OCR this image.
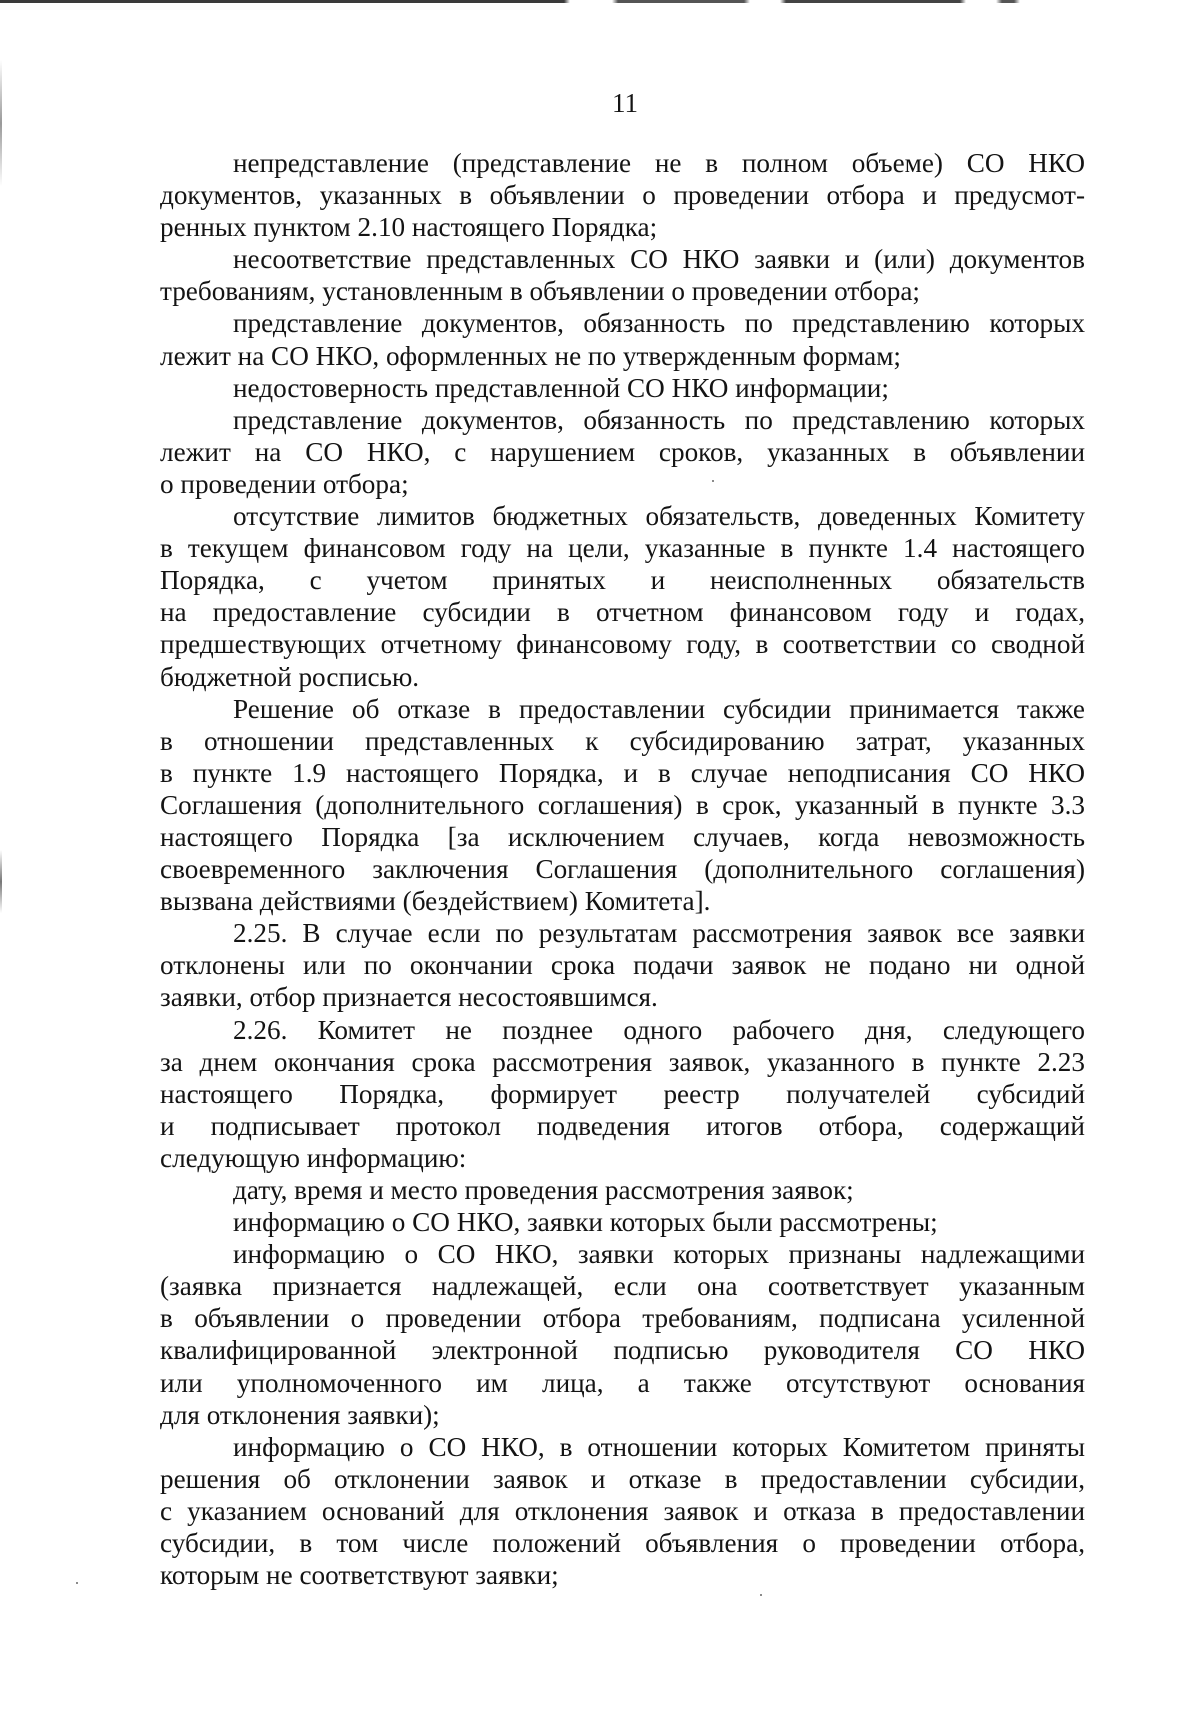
11
непредставление (представление не в полном объеме) СО НКО
документов, указанных в объявлении о проведении отбора и предусмот-
ренных пунктом 2.10 настоящего Порядка;
несоответствие представленных СО НКО заявки и (или) документов
требованиям, установленным в объявлении о проведении отбора;
представление документов, обязанность по представлению которых
лежит на СО НКО, оформленных не по утвержденным формам;
недостоверность представленной СО НКО информации;
представление документов, обязанность по представлению которых
лежит на СО НКО, с нарушением сроков, указанных в объявлении
о проведении отбора;
отсутствие лимитов бюджетных обязательств, доведенных Комитету
в текущем финансовом году на цели, указанные в пункте 1.4 настоящего
Порядка, с учетом принятых и неисполненных обязательств
на предоставление субсидии в отчетном финансовом году и годах,
предшествующих отчетному финансовому году, в соответствии со сводной
бюджетной росписью.
Решение об отказе в предоставлении субсидии принимается также
в отношении представленных к субсидированию затрат, указанных
в пункте 1.9 настоящего Порядка, и в случае неподписания СО НКО
Соглашения (дополнительного соглашения) в срок, указанный в пункте 3.3
настоящего Порядка [за исключением случаев, когда невозможность
своевременного заключения Соглашения (дополнительного соглашения)
вызвана действиями (бездействием) Комитета].
2.25. В случае если по результатам рассмотрения заявок все заявки
отклонены или по окончании срока подачи заявок не подано ни одной
заявки, отбор признается несостоявшимся.
2.26. Комитет не позднее одного рабочего дня, следующего
за днем окончания срока рассмотрения заявок, указанного в пункте 2.23
настоящего Порядка, формирует реестр получателей субсидий
и подписывает протокол подведения итогов отбора, содержащий
следующую информацию:
дату, время и место проведения рассмотрения заявок;
информацию о СО НКО, заявки которых были рассмотрены;
информацию о СО НКО, заявки которых признаны надлежащими
(заявка признается надлежащей, если она соответствует указанным
в объявлении о проведении отбора требованиям, подписана усиленной
квалифицированной электронной подписью руководителя СО НКО
или уполномоченного им лица, а также отсутствуют основания
для отклонения заявки);
информацию о СО НКО, в отношении которых Комитетом приняты
решения об отклонении заявок и отказе в предоставлении субсидии,
с указанием оснований для отклонения заявок и отказа в предоставлении
субсидии, в том числе положений объявления о проведении отбора,
которым не соответствуют заявки;
